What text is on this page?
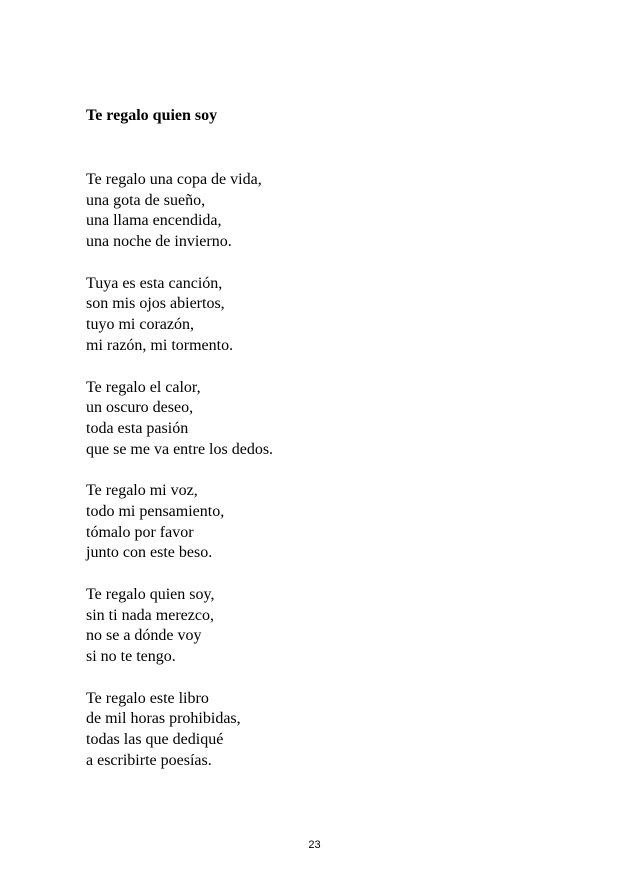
Te regalo quien soy
Te regalo una copa de vida,
una gota de sueño,
una llama encendida,
una noche de invierno.
Tuya es esta canción,
son mis ojos abiertos,
tuyo mi corazón,
mi razón, mi tormento.
Te regalo el calor,
un oscuro deseo,
toda esta pasión
que se me va entre los dedos.
Te regalo mi voz,
todo mi pensamiento,
tómalo por favor
junto con este beso.
Te regalo quien soy,
sin ti nada merezco,
no se a dónde voy
si no te tengo.
Te regalo este libro
de mil horas prohibidas,
todas las que dediqué
a escribirte poesías.
23
